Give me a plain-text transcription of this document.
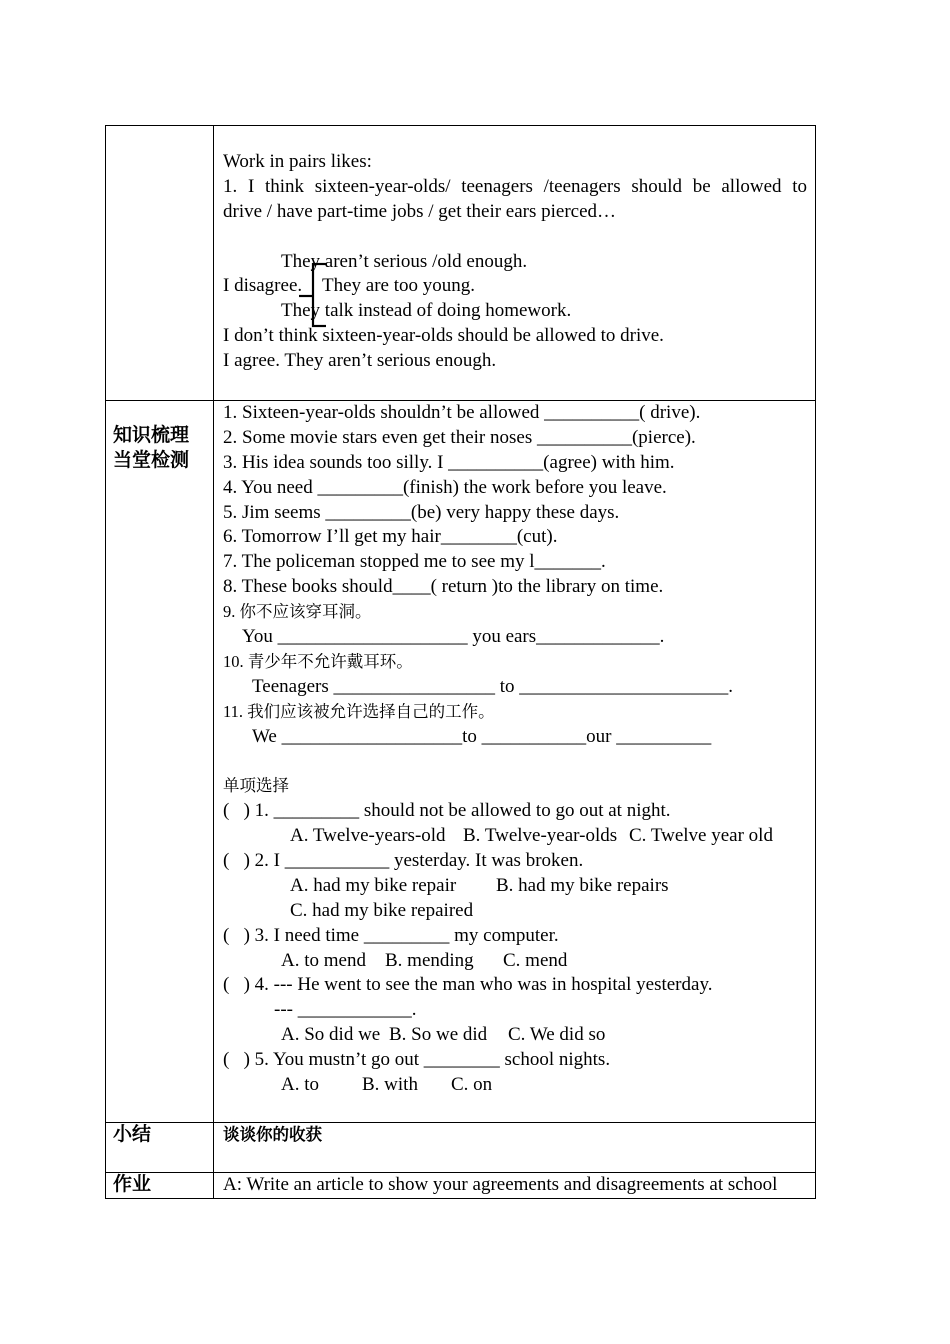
Work in pairs likes:
1. I think sixteen-year-olds/ teenagers /teenagers should be allowed to
drive / have part-time jobs / get their ears pierced…
They aren’t serious /old enough.
I disagree. They are too young.
They talk instead of doing homework.
I don’t think sixteen-year-olds should be allowed to drive.
I agree. They aren’t serious enough.
知识梳理
当堂检测
1. Sixteen-year-olds shouldn’t be allowed __________( drive).
2. Some movie stars even get their noses __________(pierce).
3. His idea sounds too silly. I __________(agree) with him.
4. You need _________(finish) the work before you leave.
5. Jim seems _________(be) very happy these days.
6. Tomorrow I’ll get my hair________(cut).
7. The policeman stopped me to see my l_______.
8. These books should____( return )to the library on time.
9. 你不应该穿耳洞。
You ____________________ you ears_____________.
10. 青少年不允许戴耳环。
Teenagers _________________ to ______________________.
11. 我们应该被允许选择自己的工作。
We ___________________to ___________our __________
单项选择
(   ) 1. _________ should not be allowed to go out at night.
A. Twelve-years-old B. Twelve-year-olds C. Twelve year old
(   ) 2. I ___________ yesterday. It was broken.
A. had my bike repair B. had my bike repairs
C. had my bike repaired
(   ) 3. I need time _________ my computer.
A. to mend B. mending C. mend
(   ) 4. --- He went to see the man who was in hospital yesterday.
--- ____________.
A. So did we B. So we did C. We did so
(   ) 5. You mustn’t go out ________ school nights.
A. to B. with C. on
小结	谈谈你的收获
作业	A: Write an article to show your agreements and disagreements at school
